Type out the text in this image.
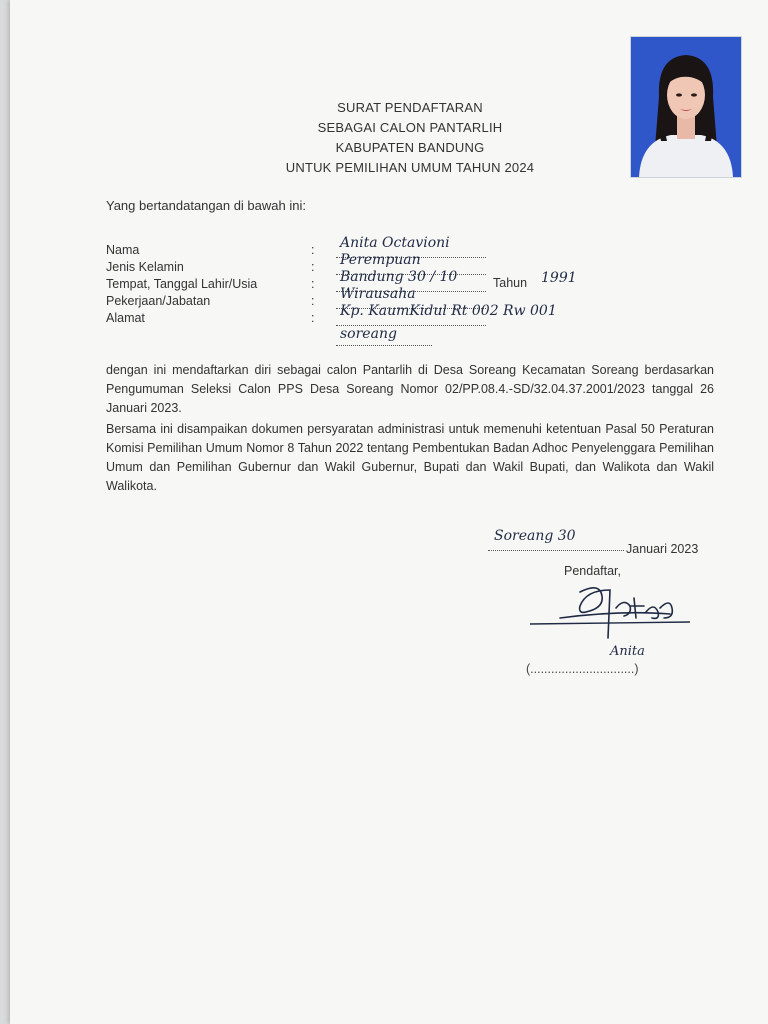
SURAT PENDAFTARAN
SEBAGAI CALON PANTARLIH
KABUPATEN BANDUNG
UNTUK PEMILIHAN UMUM TAHUN 2024
Yang bertandatangan di bawah ini:
Nama	: Anita Octavioni
Jenis Kelamin	: Perempuan
Tempat, Tanggal Lahir/Usia	: Bandung 30 / 10	Tahun 1991
Pekerjaan/Jabatan	: Wirausaha
Alamat	: Kp. KaumKidul Rt 002 Rw 001
soreang
dengan ini mendaftarkan diri sebagai calon Pantarlih di Desa Soreang Kecamatan Soreang berdasarkan Pengumuman Seleksi Calon PPS Desa Soreang Nomor 02/PP.08.4.-SD/32.04.37.2001/2023 tanggal 26 Januari 2023.
Bersama ini disampaikan dokumen persyaratan administrasi untuk memenuhi ketentuan Pasal 50 Peraturan Komisi Pemilihan Umum Nomor 8 Tahun 2022 tentang Pembentukan Badan Adhoc Penyelenggara Pemilihan Umum dan Pemilihan Gubernur dan Wakil Gubernur, Bupati dan Wakil Bupati, dan Walikota dan Wakil Walikota.
Soreang 30
Januari 2023
Pendaftar,
Anita
(..............................)
